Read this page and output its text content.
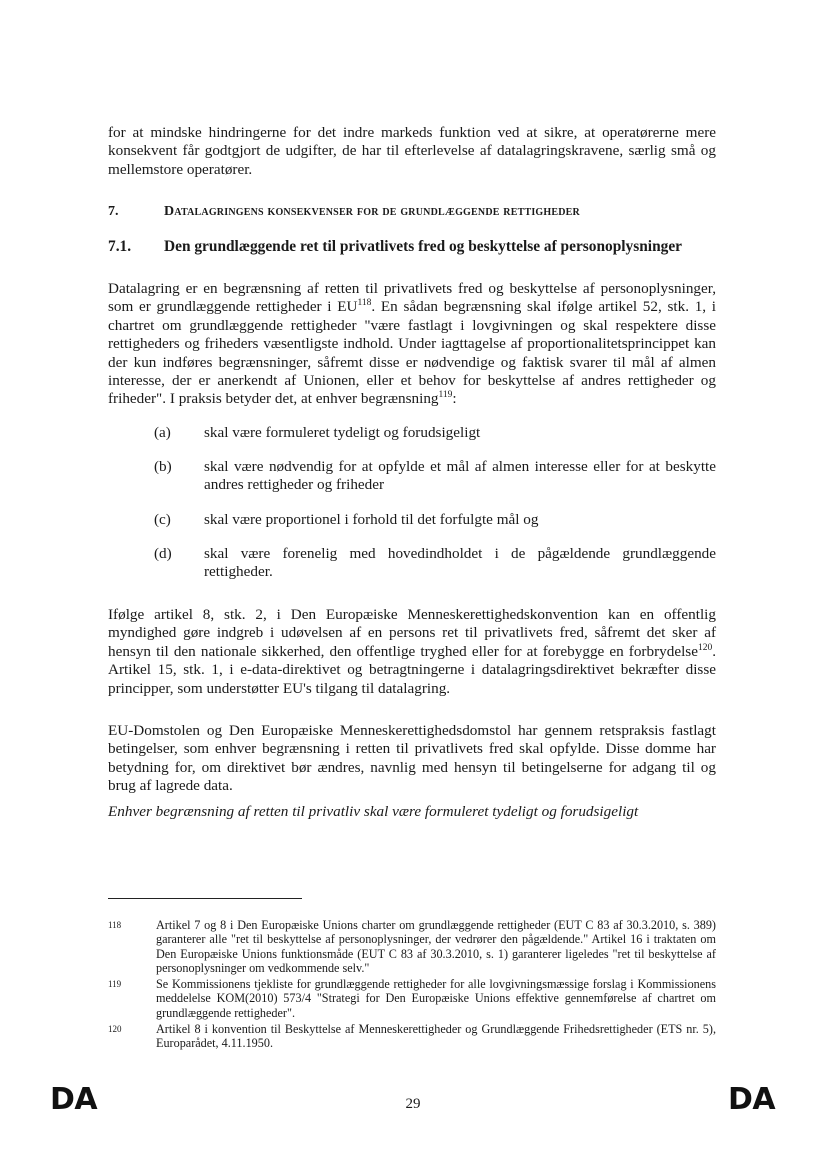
for at mindske hindringerne for det indre markeds funktion ved at sikre, at operatørerne mere konsekvent får godtgjort de udgifter, de har til efterlevelse af datalagringskravene, særlig små og mellemstore operatører.

7.	Datalagringens konsekvenser for de grundlæggende rettigheder
7.1. Den grundlæggende ret til privatlivets fred og beskyttelse af personoplysninger

Datalagring er en begrænsning af retten til privatlivets fred og beskyttelse af personoplysninger, som er grundlæggende rettigheder i EU$^{118}$. En sådan begrænsning skal ifølge artikel 52, stk. 1, i chartret om grundlæggende rettigheder "være fastlagt i lovgivningen og skal respektere disse rettigheders og friheders væsentligste indhold. Under iagttagelse af proportionalitetsprincippet kan der kun indføres begrænsninger, såfremt disse er nødvendige og faktisk svarer til mål af almen interesse, der er anerkendt af Unionen, eller et behov for beskyttelse af andres rettigheder og friheder". I praksis betyder det, at enhver begrænsning$^{119}$:

(a) skal være formuleret tydeligt og forudsigeligt
(b) skal være nødvendig for at opfylde et mål af almen interesse eller for at beskytte andres rettigheder og friheder
(c) skal være proportionel i forhold til det forfulgte mål og
(d) skal være forenelig med hovedindholdet i de pågældende grundlæggende rettigheder.

Ifølge artikel 8, stk. 2, i Den Europæiske Menneskerettighedskonvention kan en offentlig myndighed gøre indgreb i udøvelsen af en persons ret til privatlivets fred, såfremt det sker af hensyn til den nationale sikkerhed, den offentlige tryghed eller for at forebygge en forbrydelse$^{120}$. Artikel 15, stk. 1, i e-data-direktivet og betragtningerne i datalagringsdirektivet bekræfter disse principper, som understøtter EU's tilgang til datalagring.

EU-Domstolen og Den Europæiske Menneskerettighedsdomstol har gennem retspraksis fastlagt betingelser, som enhver begrænsning i retten til privatlivets fred skal opfylde. Disse domme har betydning for, om direktivet bør ændres, navnlig med hensyn til betingelserne for adgang til og brug af lagrede data.

Enhver begrænsning af retten til privatliv skal være formuleret tydeligt og forudsigeligt

118	Artikel 7 og 8 i Den Europæiske Unions charter om grundlæggende rettigheder (EUT C 83 af 30.3.2010, s. 389) garanterer alle "ret til beskyttelse af personoplysninger, der vedrører den pågældende." Artikel 16 i traktaten om Den Europæiske Unions funktionsmåde (EUT C 83 af 30.3.2010, s. 1) garanterer ligeledes "ret til beskyttelse af personoplysninger om vedkommende selv."
119	Se Kommissionens tjekliste for grundlæggende rettigheder for alle lovgivningsmæssige forslag i Kommissionens meddelelse KOM(2010) 573/4 "Strategi for Den Europæiske Unions effektive gennemførelse af chartret om grundlæggende rettigheder".
120	Artikel 8 i konvention til Beskyttelse af Menneskerettigheder og Grundlæggende Frihedsrettigheder (ETS nr. 5), Europarådet, 4.11.1950.
DA	29	DA
